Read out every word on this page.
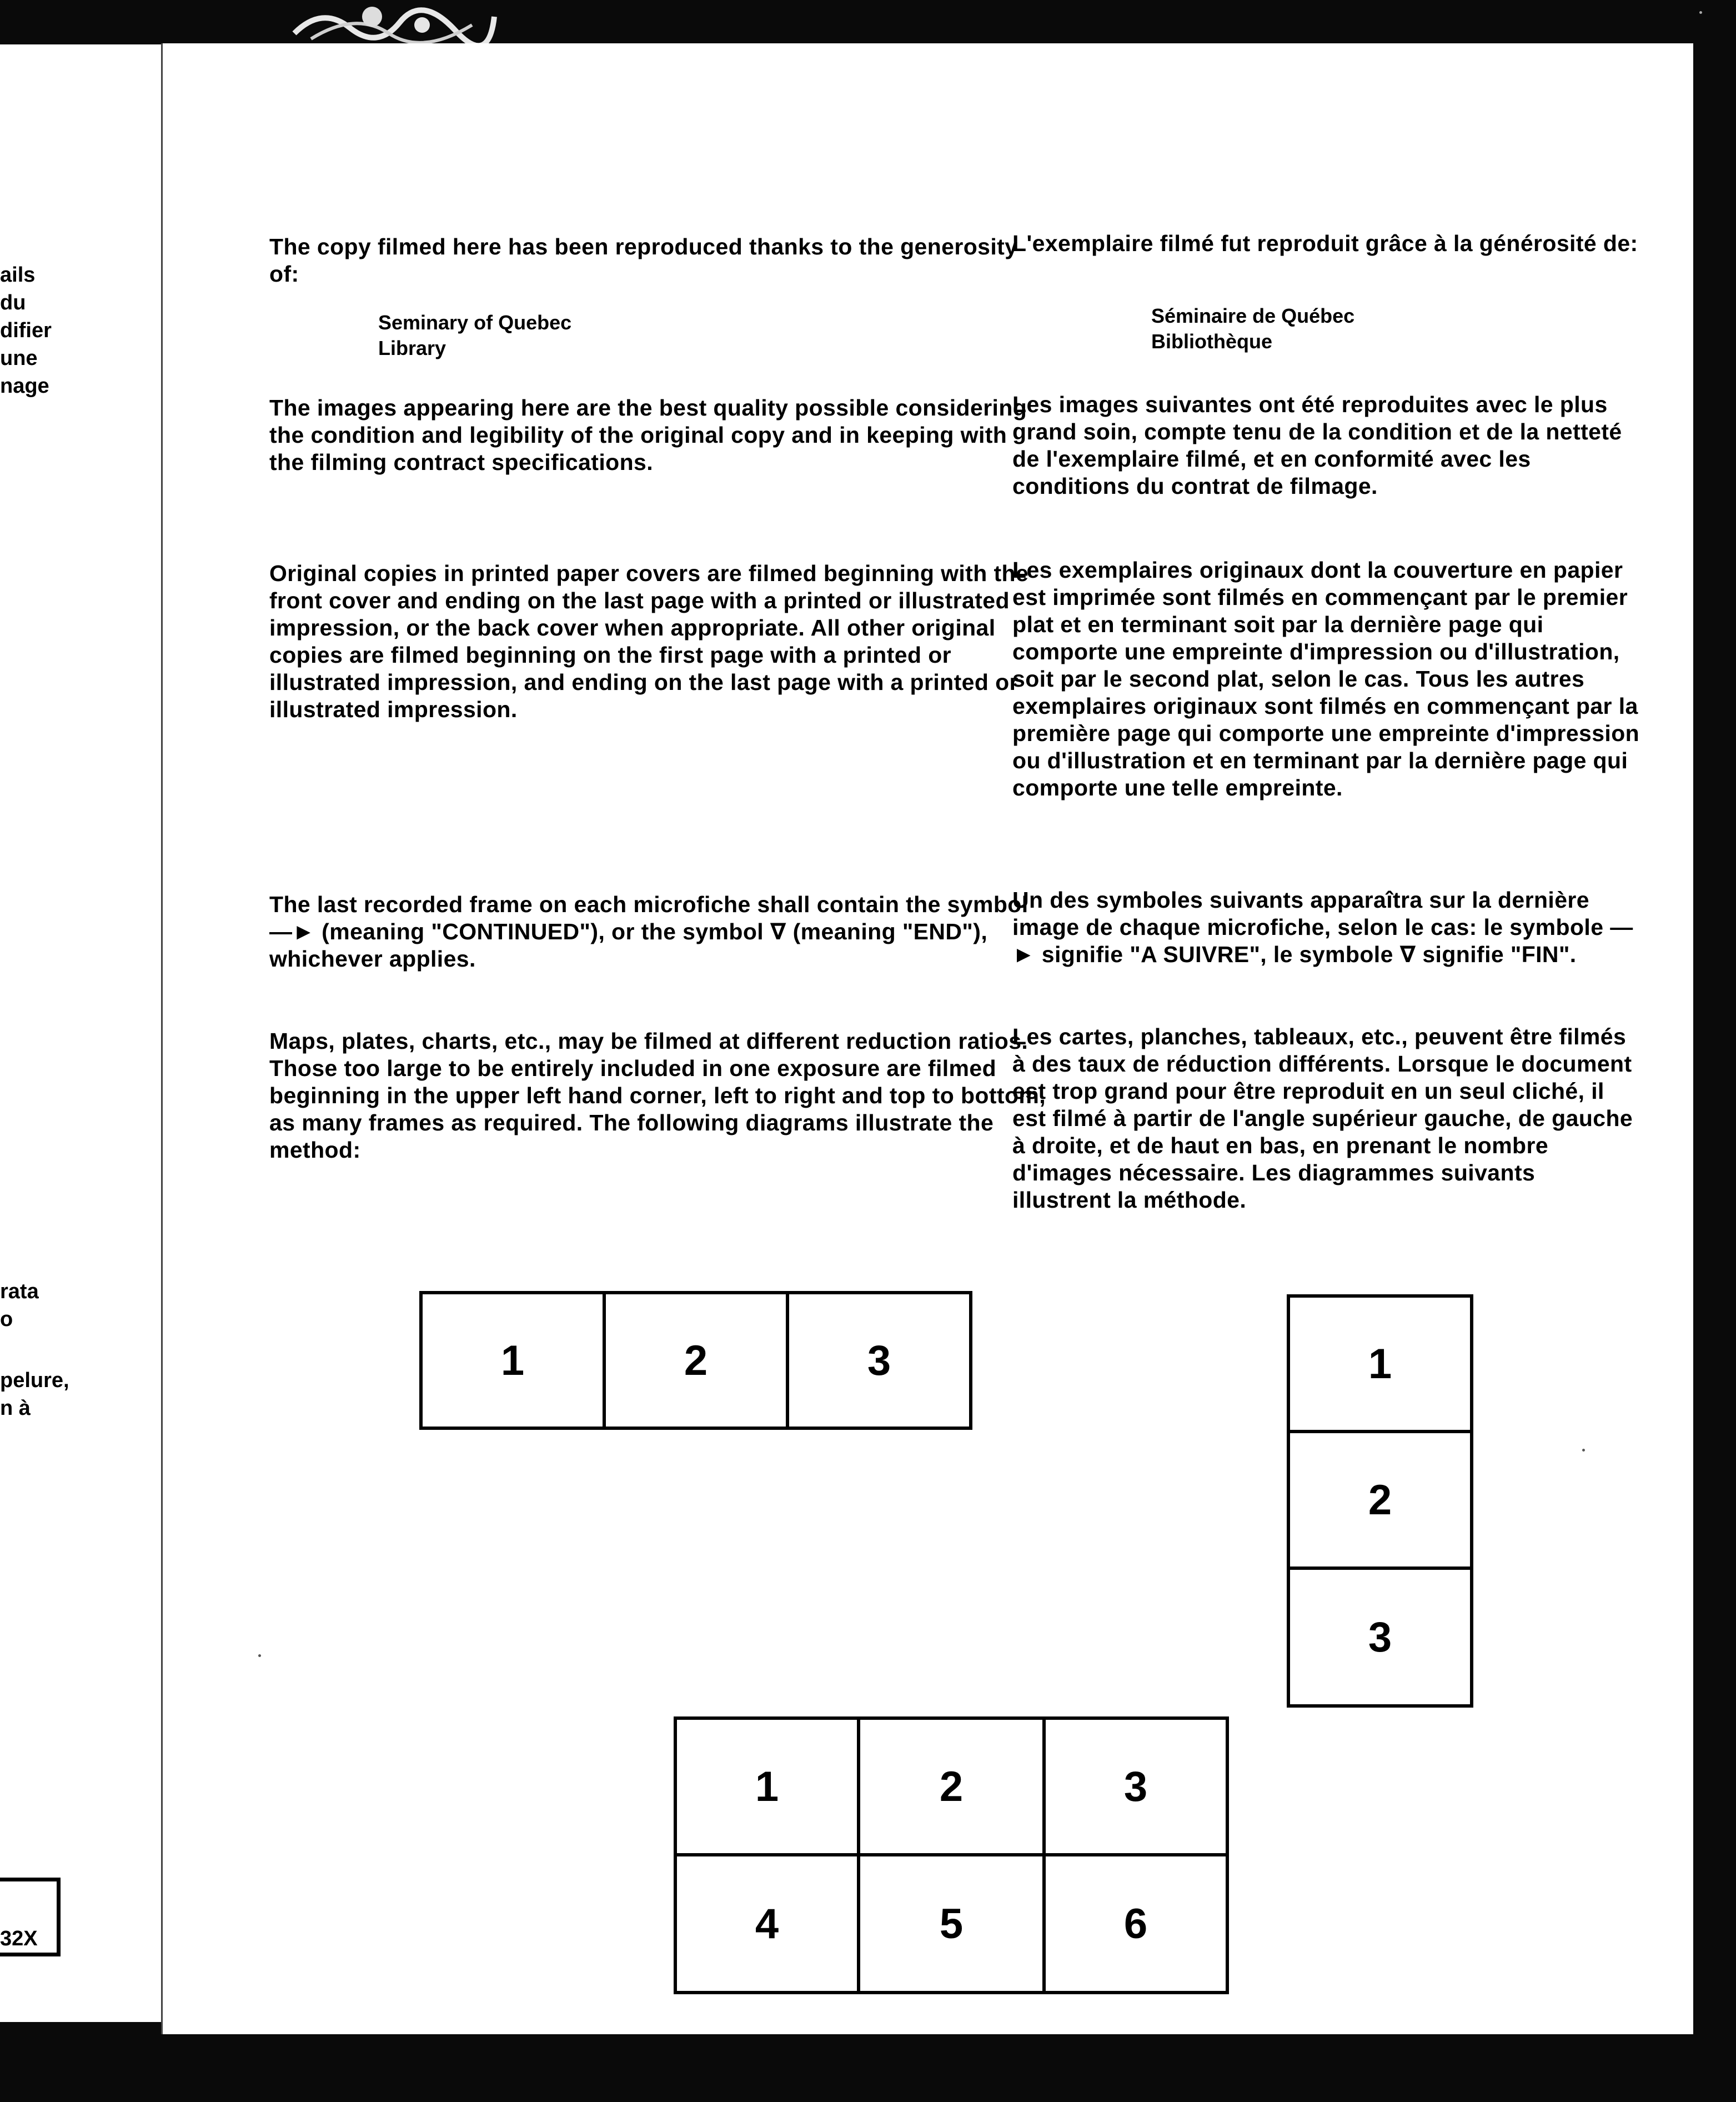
ails
du
difier
une
nage
rata
o
pelure,
n à
32X

The copy filmed here has been reproduced thanks to the generosity of:

Seminary of Quebec
Library
The images appearing here are the best quality possible considering the condition and legibility of the original copy and in keeping with the filming contract specifications.
Original copies in printed paper covers are filmed beginning with the front cover and ending on the last page with a printed or illustrated impression, or the back cover when appropriate. All other original copies are filmed beginning on the first page with a printed or illustrated impression, and ending on the last page with a printed or illustrated impression.
The last recorded frame on each microfiche shall contain the symbol —► (meaning "CONTINUED"), or the symbol ∇ (meaning "END"), whichever applies.
Maps, plates, charts, etc., may be filmed at different reduction ratios. Those too large to be entirely included in one exposure are filmed beginning in the upper left hand corner, left to right and top to bottom, as many frames as required. The following diagrams illustrate the method:

L'exemplaire filmé fut reproduit grâce à la générosité de:

Séminaire de Québec
Bibliothèque
Les images suivantes ont été reproduites avec le plus grand soin, compte tenu de la condition et de la netteté de l'exemplaire filmé, et en conformité avec les conditions du contrat de filmage.
Les exemplaires originaux dont la couverture en papier est imprimée sont filmés en commençant par le premier plat et en terminant soit par la dernière page qui comporte une empreinte d'impression ou d'illustration, soit par le second plat, selon le cas. Tous les autres exemplaires originaux sont filmés en commençant par la première page qui comporte une empreinte d'impression ou d'illustration et en terminant par la dernière page qui comporte une telle empreinte.
Un des symboles suivants apparaîtra sur la dernière image de chaque microfiche, selon le cas: le symbole —► signifie "A SUIVRE", le symbole ∇ signifie "FIN".
Les cartes, planches, tableaux, etc., peuvent être filmés à des taux de réduction différents. Lorsque le document est trop grand pour être reproduit en un seul cliché, il est filmé à partir de l'angle supérieur gauche, de gauche à droite, et de haut en bas, en prenant le nombre d'images nécessaire. Les diagrammes suivants illustrent la méthode.
1	2	3	1
2
3
1	2	3
4	5	6
